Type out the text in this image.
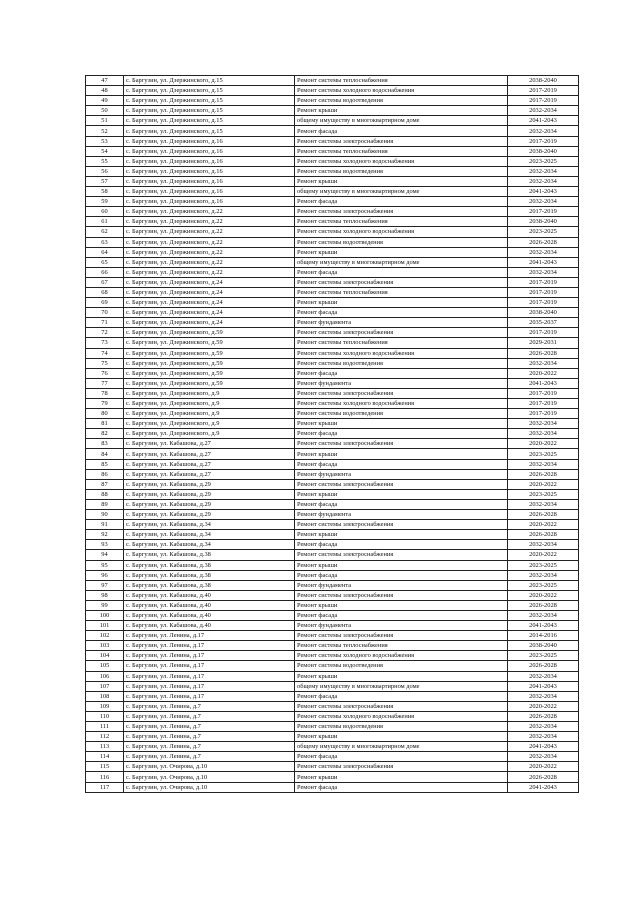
47	с. Баргузин, ул. Дзержинского, д.15	Ремонт системы теплоснабжения	2038-2040
48	с. Баргузин, ул. Дзержинского, д.15	Ремонт системы холодного водоснабжения	2017-2019
49	с. Баргузин, ул. Дзержинского, д.15	Ремонт системы водоотведения	2017-2019
50	с. Баргузин, ул. Дзержинского, д.15	Ремонт крыши	2032-2034
51	с. Баргузин, ул. Дзержинского, д.15	общему имуществу в многоквартирном доме	2041-2043
52	с. Баргузин, ул. Дзержинского, д.15	Ремонт фасада	2032-2034
53	с. Баргузин, ул. Дзержинского, д.16	Ремонт системы электроснабжения	2017-2019
54	с. Баргузин, ул. Дзержинского, д.16	Ремонт системы теплоснабжения	2038-2040
55	с. Баргузин, ул. Дзержинского, д.16	Ремонт системы холодного водоснабжения	2023-2025
56	с. Баргузин, ул. Дзержинского, д.16	Ремонт системы водоотведения	2032-2034
57	с. Баргузин, ул. Дзержинского, д.16	Ремонт крыши	2032-2034
58	с. Баргузин, ул. Дзержинского, д.16	общему имуществу в многоквартирном доме	2041-2043
59	с. Баргузин, ул. Дзержинского, д.16	Ремонт фасада	2032-2034
60	с. Баргузин, ул. Дзержинского, д.22	Ремонт системы электроснабжения	2017-2019
61	с. Баргузин, ул. Дзержинского, д.22	Ремонт системы теплоснабжения	2038-2040
62	с. Баргузин, ул. Дзержинского, д.22	Ремонт системы холодного водоснабжения	2023-2025
63	с. Баргузин, ул. Дзержинского, д.22	Ремонт системы водоотведения	2026-2028
64	с. Баргузин, ул. Дзержинского, д.22	Ремонт крыши	2032-2034
65	с. Баргузин, ул. Дзержинского, д.22	общему имуществу в многоквартирном доме	2041-2043
66	с. Баргузин, ул. Дзержинского, д.22	Ремонт фасада	2032-2034
67	с. Баргузин, ул. Дзержинского, д.24	Ремонт системы электроснабжения	2017-2019
68	с. Баргузин, ул. Дзержинского, д.24	Ремонт системы теплоснабжения	2017-2019
69	с. Баргузин, ул. Дзержинского, д.24	Ремонт крыши	2017-2019
70	с. Баргузин, ул. Дзержинского, д.24	Ремонт фасада	2038-2040
71	с. Баргузин, ул. Дзержинского, д.24	Ремонт фундамента	2035-2037
72	с. Баргузин, ул. Дзержинского, д.59	Ремонт системы электроснабжения	2017-2019
73	с. Баргузин, ул. Дзержинского, д.59	Ремонт системы теплоснабжения	2029-2031
74	с. Баргузин, ул. Дзержинского, д.59	Ремонт системы холодного водоснабжения	2026-2028
75	с. Баргузин, ул. Дзержинского, д.59	Ремонт системы водоотведения	2032-2034
76	с. Баргузин, ул. Дзержинского, д.59	Ремонт фасада	2020-2022
77	с. Баргузин, ул. Дзержинского, д.59	Ремонт фундамента	2041-2043
78	с. Баргузин, ул. Дзержинского, д.9	Ремонт системы электроснабжения	2017-2019
79	с. Баргузин, ул. Дзержинского, д.9	Ремонт системы холодного водоснабжения	2017-2019
80	с. Баргузин, ул. Дзержинского, д.9	Ремонт системы водоотведения	2017-2019
81	с. Баргузин, ул. Дзержинского, д.9	Ремонт крыши	2032-2034
82	с. Баргузин, ул. Дзержинского, д.9	Ремонт фасада	2032-2034
83	с. Баргузин, ул. Кабашова, д.27	Ремонт системы электроснабжения	2020-2022
84	с. Баргузин, ул. Кабашова, д.27	Ремонт крыши	2023-2025
85	с. Баргузин, ул. Кабашова, д.27	Ремонт фасада	2032-2034
86	с. Баргузин, ул. Кабашова, д.27	Ремонт фундамента	2026-2028
87	с. Баргузин, ул. Кабашова, д.29	Ремонт системы электроснабжения	2020-2022
88	с. Баргузин, ул. Кабашова, д.29	Ремонт крыши	2023-2025
89	с. Баргузин, ул. Кабашова, д.29	Ремонт фасада	2032-2034
90	с. Баргузин, ул. Кабашова, д.29	Ремонт фундамента	2026-2028
91	с. Баргузин, ул. Кабашова, д.34	Ремонт системы электроснабжения	2020-2022
92	с. Баргузин, ул. Кабашова, д.34	Ремонт крыши	2026-2028
93	с. Баргузин, ул. Кабашова, д.34	Ремонт фасада	2032-2034
94	с. Баргузин, ул. Кабашова, д.38	Ремонт системы электроснабжения	2020-2022
95	с. Баргузин, ул. Кабашова, д.38	Ремонт крыши	2023-2025
96	с. Баргузин, ул. Кабашова, д.38	Ремонт фасада	2032-2034
97	с. Баргузин, ул. Кабашова, д.38	Ремонт фундамента	2023-2025
98	с. Баргузин, ул. Кабашова, д.40	Ремонт системы электроснабжения	2020-2022
99	с. Баргузин, ул. Кабашова, д.40	Ремонт крыши	2026-2028
100	с. Баргузин, ул. Кабашова, д.40	Ремонт фасада	2032-2034
101	с. Баргузин, ул. Кабашова, д.40	Ремонт фундамента	2041-2043
102	с. Баргузин, ул. Ленина, д.17	Ремонт системы электроснабжения	2014-2016
103	с. Баргузин, ул. Ленина, д.17	Ремонт системы теплоснабжения	2038-2040
104	с. Баргузин, ул. Ленина, д.17	Ремонт системы холодного водоснабжения	2023-2025
105	с. Баргузин, ул. Ленина, д.17	Ремонт системы водоотведения	2026-2028
106	с. Баргузин, ул. Ленина, д.17	Ремонт крыши	2032-2034
107	с. Баргузин, ул. Ленина, д.17	общему имуществу в многоквартирном доме	2041-2043
108	с. Баргузин, ул. Ленина, д.17	Ремонт фасада	2032-2034
109	с. Баргузин, ул. Ленина, д.7	Ремонт системы электроснабжения	2020-2022
110	с. Баргузин, ул. Ленина, д.7	Ремонт системы холодного водоснабжения	2026-2028
111	с. Баргузин, ул. Ленина, д.7	Ремонт системы водоотведения	2032-2034
112	с. Баргузин, ул. Ленина, д.7	Ремонт крыши	2032-2034
113	с. Баргузин, ул. Ленина, д.7	общему имуществу в многоквартирном доме	2041-2043
114	с. Баргузин, ул. Ленина, д.7	Ремонт фасада	2032-2034
115	с. Баргузин, ул. Очирова, д.10	Ремонт системы электроснабжения	2020-2022
116	с. Баргузин, ул. Очирова, д.10	Ремонт крыши	2026-2028
117	с. Баргузин, ул. Очирова, д.10	Ремонт фасада	2041-2043
